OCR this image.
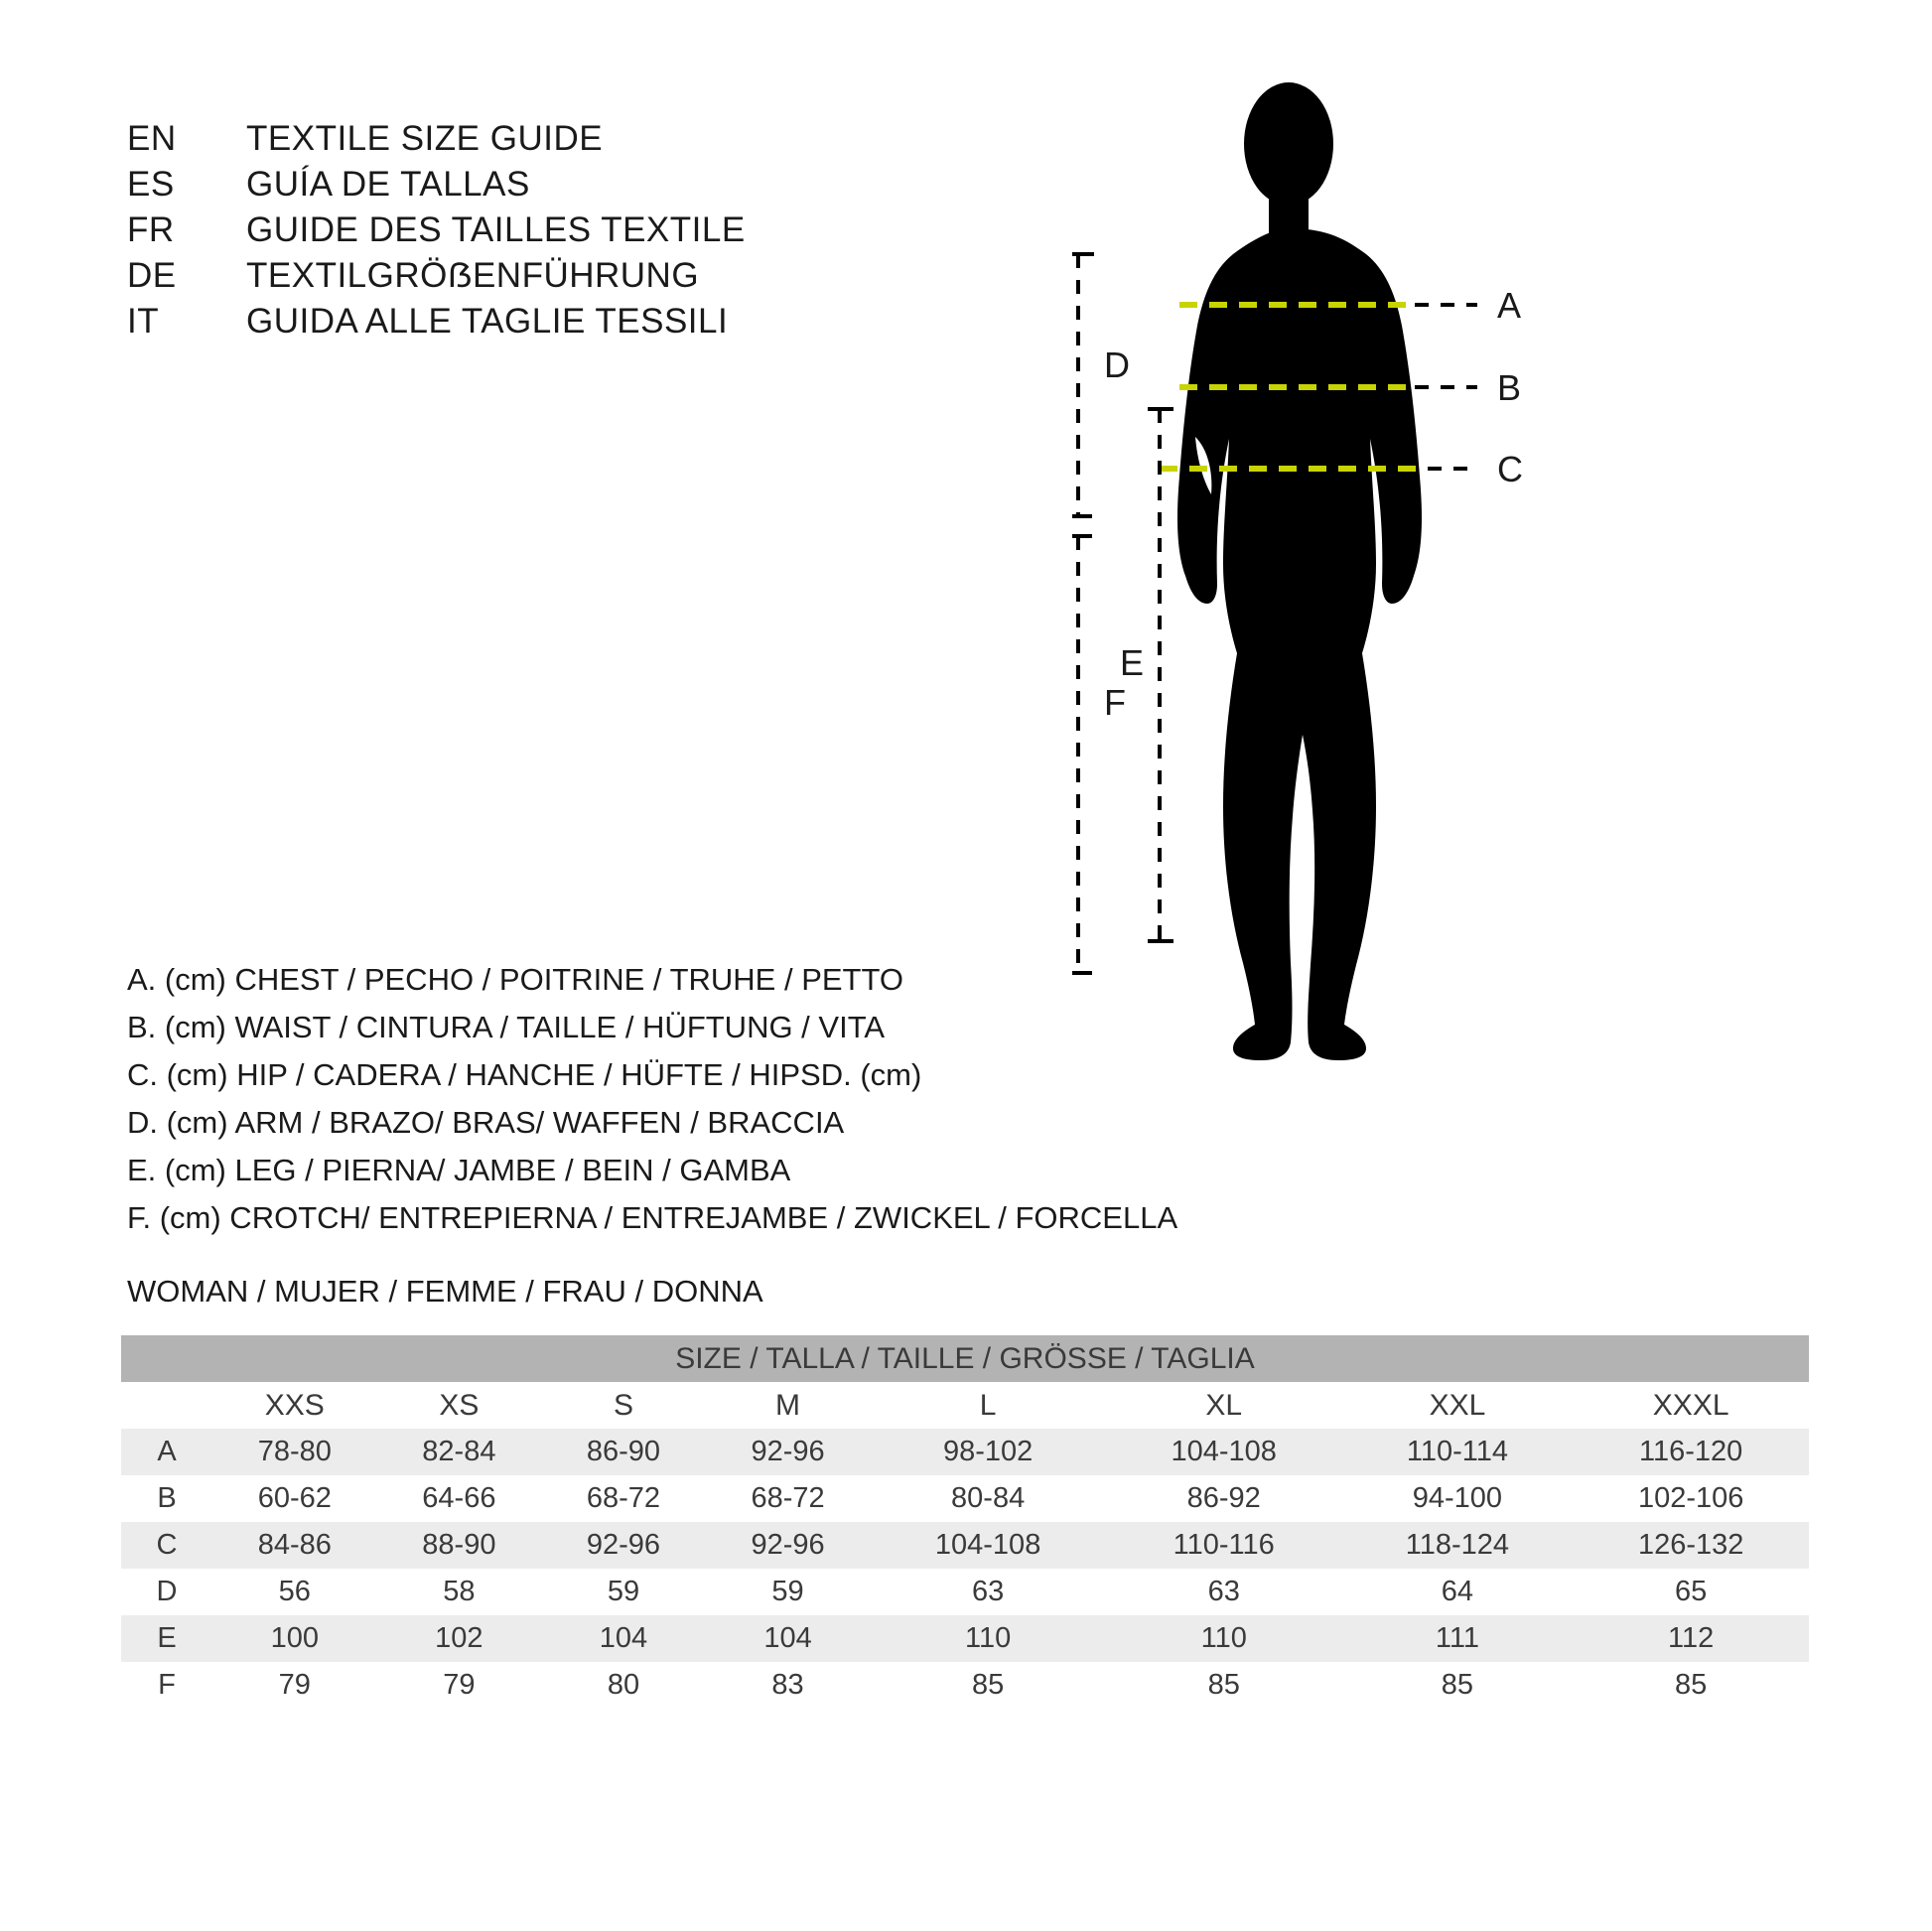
EN	TEXTILE SIZE GUIDE
ES	GUÍA DE TALLAS
FR	GUIDE DES TAILLES TEXTILE
DE	TEXTILGRÖẞENFÜHRUNG
IT	GUIDA ALLE TAGLIE TESSILI	A
B
C
D
E
F
A. (cm) CHEST / PECHO / POITRINE / TRUHE / PETTO
B. (cm) WAIST / CINTURA / TAILLE / HÜFTUNG / VITA
C. (cm) HIP / CADERA / HANCHE / HÜFTE / HIPSD. (cm)
D. (cm) ARM / BRAZO/ BRAS/ WAFFEN / BRACCIA
E. (cm) LEG / PIERNA/ JAMBE / BEIN / GAMBA
F. (cm) CROTCH/ ENTREPIERNA / ENTREJAMBE / ZWICKEL / FORCELLA
WOMAN / MUJER / FEMME / FRAU / DONNA
SIZE / TALLA / TAILLE / GRÖSSE / TAGLIA								
	XXS	XS	S	M	L	XL	XXL	XXXL
A	78-80	82-84	86-90	92-96	98-102	104-108	110-114	116-120
B	60-62	64-66	68-72	68-72	80-84	86-92	94-100	102-106
C	84-86	88-90	92-96	92-96	104-108	110-116	118-124	126-132
D	56	58	59	59	63	63	64	65
E	100	102	104	104	110	110	111	112
F	79	79	80	83	85	85	85	85
